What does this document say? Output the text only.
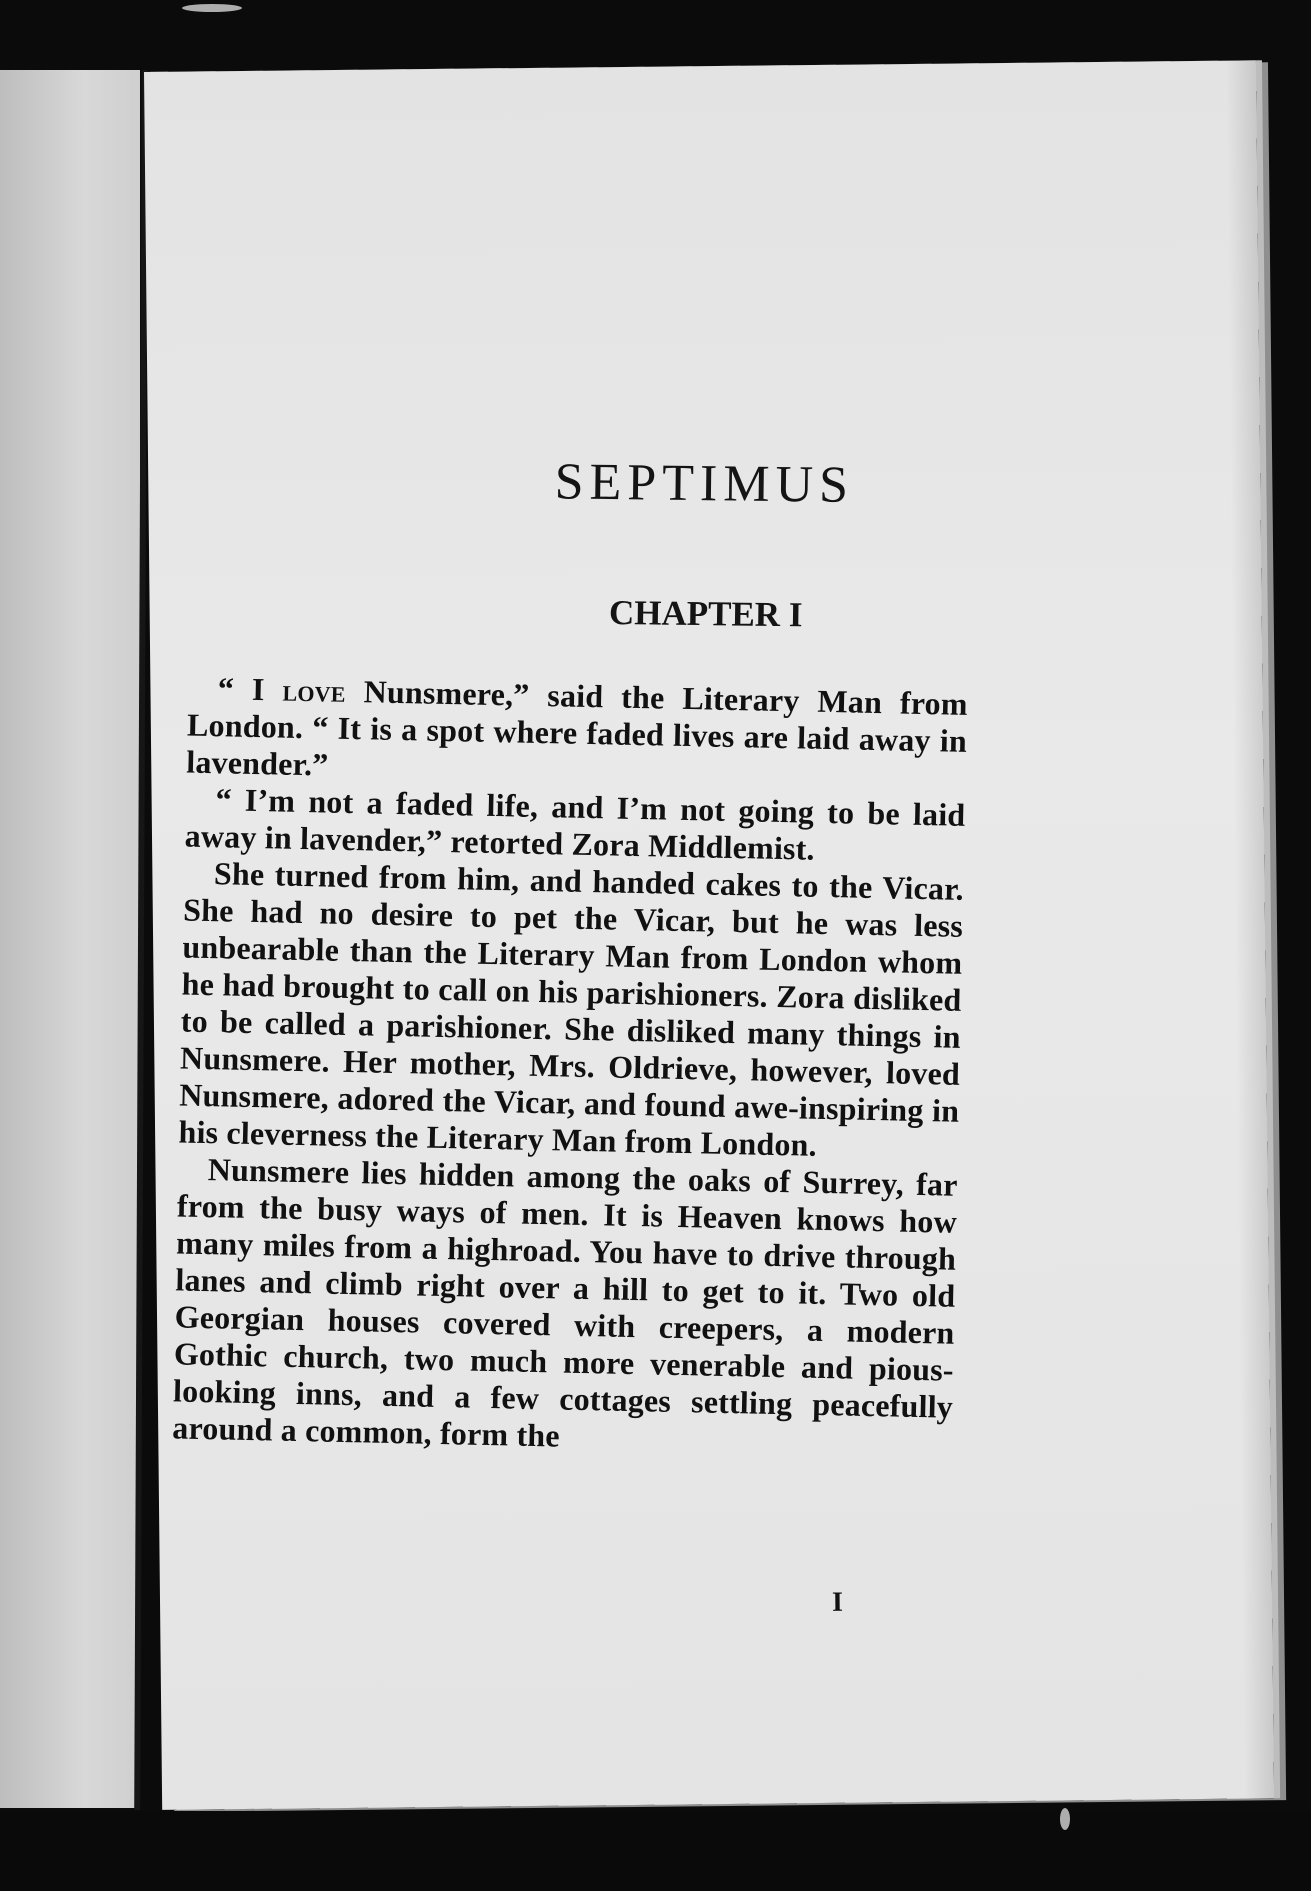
SEPTIMUS
CHAPTER I

“ I love Nunsmere,” said the Literary Man from London. “ It is a spot where faded lives are laid away in lavender.”

“ I’m not a faded life, and I’m not going to be laid away in lavender,” retorted Zora Middlemist.

She turned from him, and handed cakes to the Vicar. She had no desire to pet the Vicar, but he was less unbearable than the Literary Man from London whom he had brought to call on his parishioners. Zora disliked to be called a parishioner. She disliked many things in Nunsmere. Her mother, Mrs. Oldrieve, however, loved Nunsmere, adored the Vicar, and found awe-inspiring in his cleverness the Literary Man from London.

Nunsmere lies hidden among the oaks of Surrey, far from the busy ways of men. It is Heaven knows how many miles from a highroad. You have to drive through lanes and climb right over a hill to get to it. Two old Georgian houses covered with creepers, a modern Gothic church, two much more venerable and pious-looking inns, and a few cottages settling peacefully around a common, form the

I
